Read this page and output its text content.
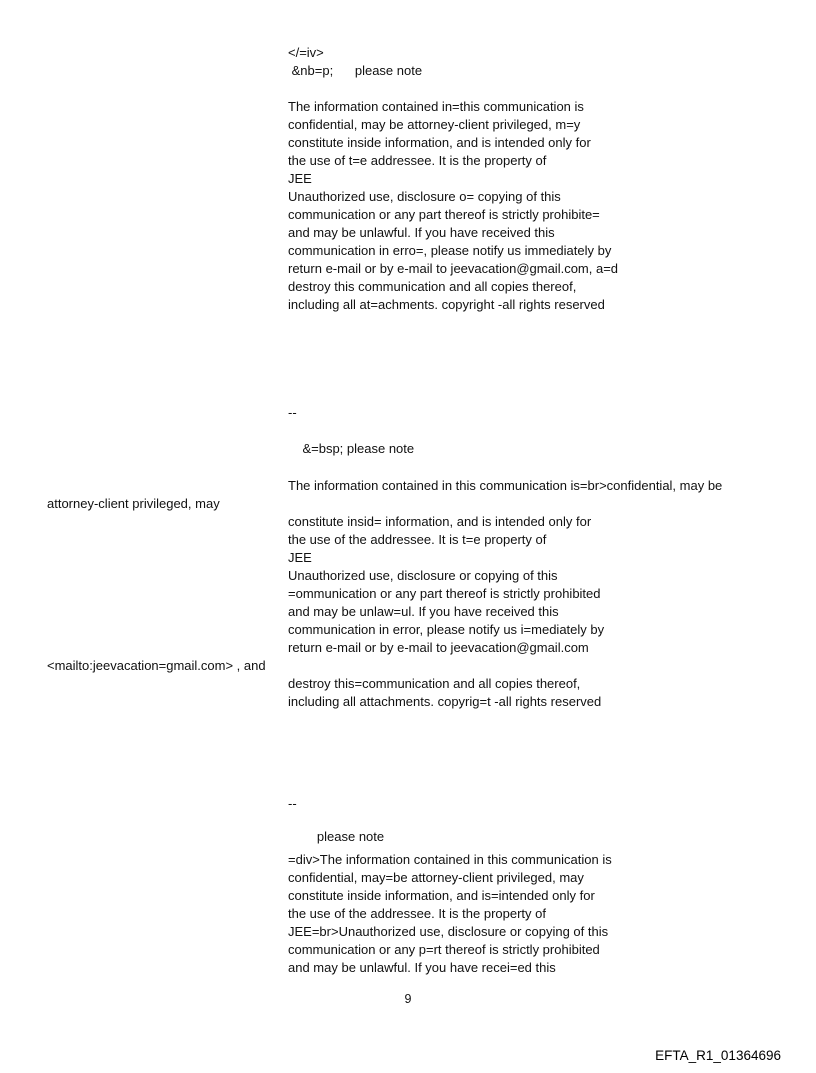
</=iv>
&nb=p;      please note
The information contained in=this communication is
confidential, may be attorney-client privileged, m=y
constitute inside information, and is intended only for
the use of t=e addressee. It is the property of
JEE
Unauthorized use, disclosure o= copying of this
communication or any part thereof is strictly prohibite=
and may be unlawful. If you have received this
communication in erro=, please notify us immediately by
return e-mail or by e-mail to jeevacation@gmail.com, a=d
destroy this communication and all copies thereof,
including all at=achments. copyright -all rights reserved
--
&=bsp; please note
The information contained in this communication is=br>confidential, may be
attorney-client privileged, may
constitute insid= information, and is intended only for
the use of the addressee. It is t=e property of
JEE
Unauthorized use, disclosure or copying of this
=ommunication or any part thereof is strictly prohibited
and may be unlaw=ul. If you have received this
communication in error, please notify us i=mediately by
return e-mail or by e-mail to jeevacation@gmail.com
<mailto:jeevacation=gmail.com> , and
destroy this=communication and all copies thereof,
including all attachments. copyrig=t -all rights reserved
--
please note
=div>The information contained in this communication is
confidential, may=be attorney-client privileged, may
constitute inside information, and is=intended only for
the use of the addressee. It is the property of
JEE=br>Unauthorized use, disclosure or copying of this
communication or any p=rt thereof is strictly prohibited
and may be unlawful. If you have recei=ed this
9
EFTA_R1_01364696
